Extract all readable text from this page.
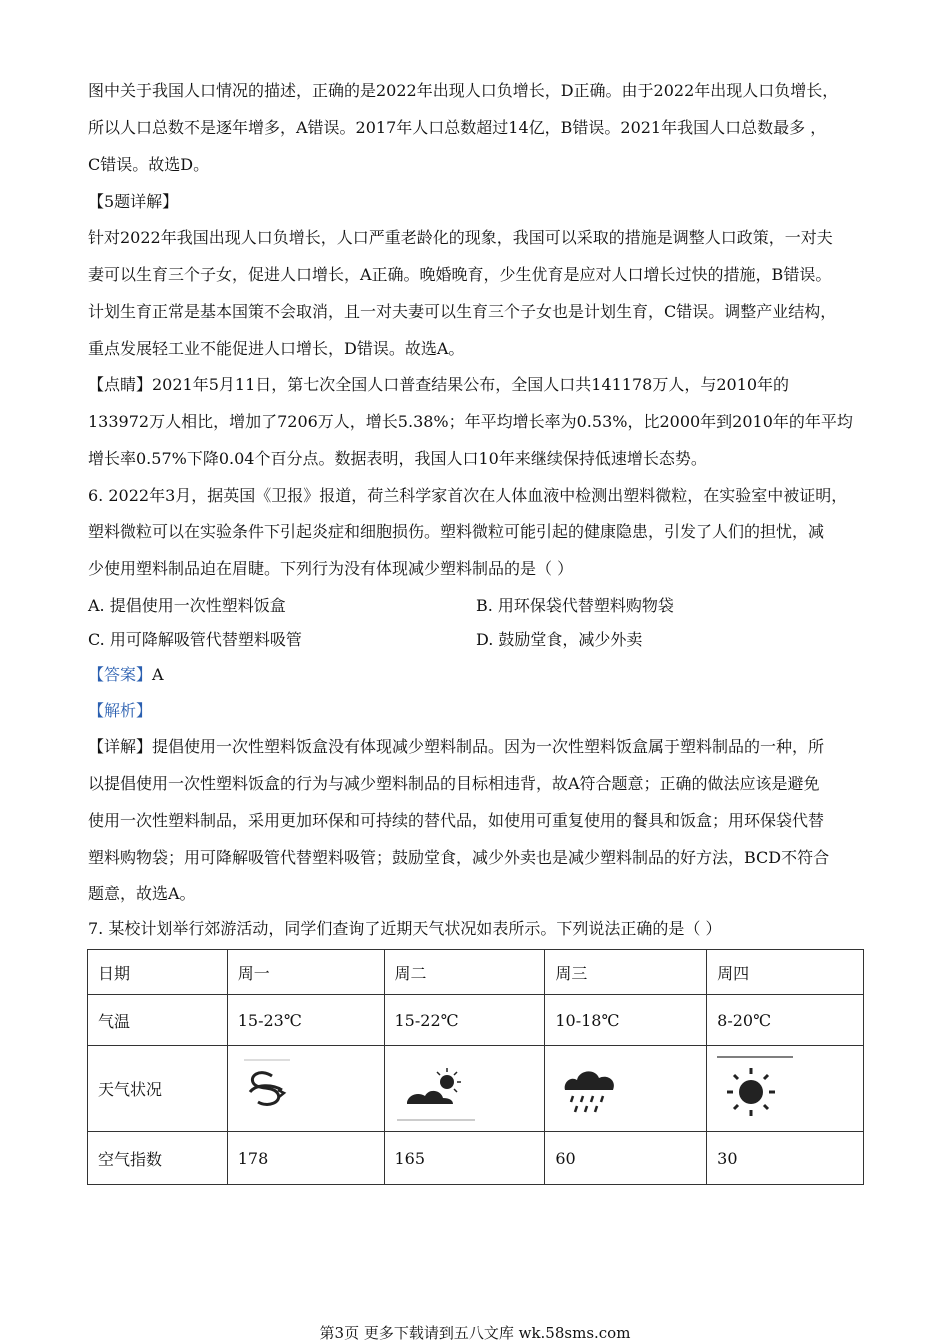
图中关于我国人口情况的描述，正确的是2022年出现人口负增长，D正确。由于2022年出现人口负增长，
所以人口总数不是逐年增多，A错误。2017年人口总数超过14亿，B错误。2021年我国人口总数最多 ，
C错误。故选D。
【5题详解】
针对2022年我国出现人口负增长，人口严重老龄化的现象，我国可以采取的措施是调整人口政策，一对夫
妻可以生育三个子女，促进人口增长，A正确。晚婚晚育，少生优育是应对人口增长过快的措施，B错误。
计划生育正常是基本国策不会取消，且一对夫妻可以生育三个子女也是计划生育，C错误。调整产业结构，
重点发展轻工业不能促进人口增长，D错误。故选A。
【点睛】2021年5月11日，第七次全国人口普查结果公布，全国人口共141178万人，与2010年的
133972万人相比，增加了7206万人，增长5.38%；年平均增长率为0.53%，比2000年到2010年的年平均
增长率0.57%下降0.04个百分点。数据表明，我国人口10年来继续保持低速增长态势。
6. 2022年3月，据英国《卫报》报道，荷兰科学家首次在人体血液中检测出塑料微粒，在实验室中被证明，
塑料微粒可以在实验条件下引起炎症和细胞损伤。塑料微粒可能引起的健康隐患，引发了人们的担忧，减
少使用塑料制品迫在眉睫。下列行为没有体现减少塑料制品的是（ ）
A. 提倡使用一次性塑料饭盒	B. 用环保袋代替塑料购物袋
C. 用可降解吸管代替塑料吸管	D. 鼓励堂食，减少外卖
【答案】A
【解析】
【详解】提倡使用一次性塑料饭盒没有体现减少塑料制品。因为一次性塑料饭盒属于塑料制品的一种，所
以提倡使用一次性塑料饭盒的行为与减少塑料制品的目标相违背，故A符合题意；正确的做法应该是避免
使用一次性塑料制品，采用更加环保和可持续的替代品，如使用可重复使用的餐具和饭盒；用环保袋代替
塑料购物袋；用可降解吸管代替塑料吸管；鼓励堂食，减少外卖也是减少塑料制品的好方法，BCD不符合
题意，故选A。
7. 某校计划举行郊游活动，同学们查询了近期天气状况如表所示。下列说法正确的是（ ）
日期	周一	周二	周三	周四
气温	15-23℃	15-22℃	10-18℃	8-20℃
天气状况	

空气指数	178	165	60	30
第3页 更多下载请到五八文库 wk.58sms.com
